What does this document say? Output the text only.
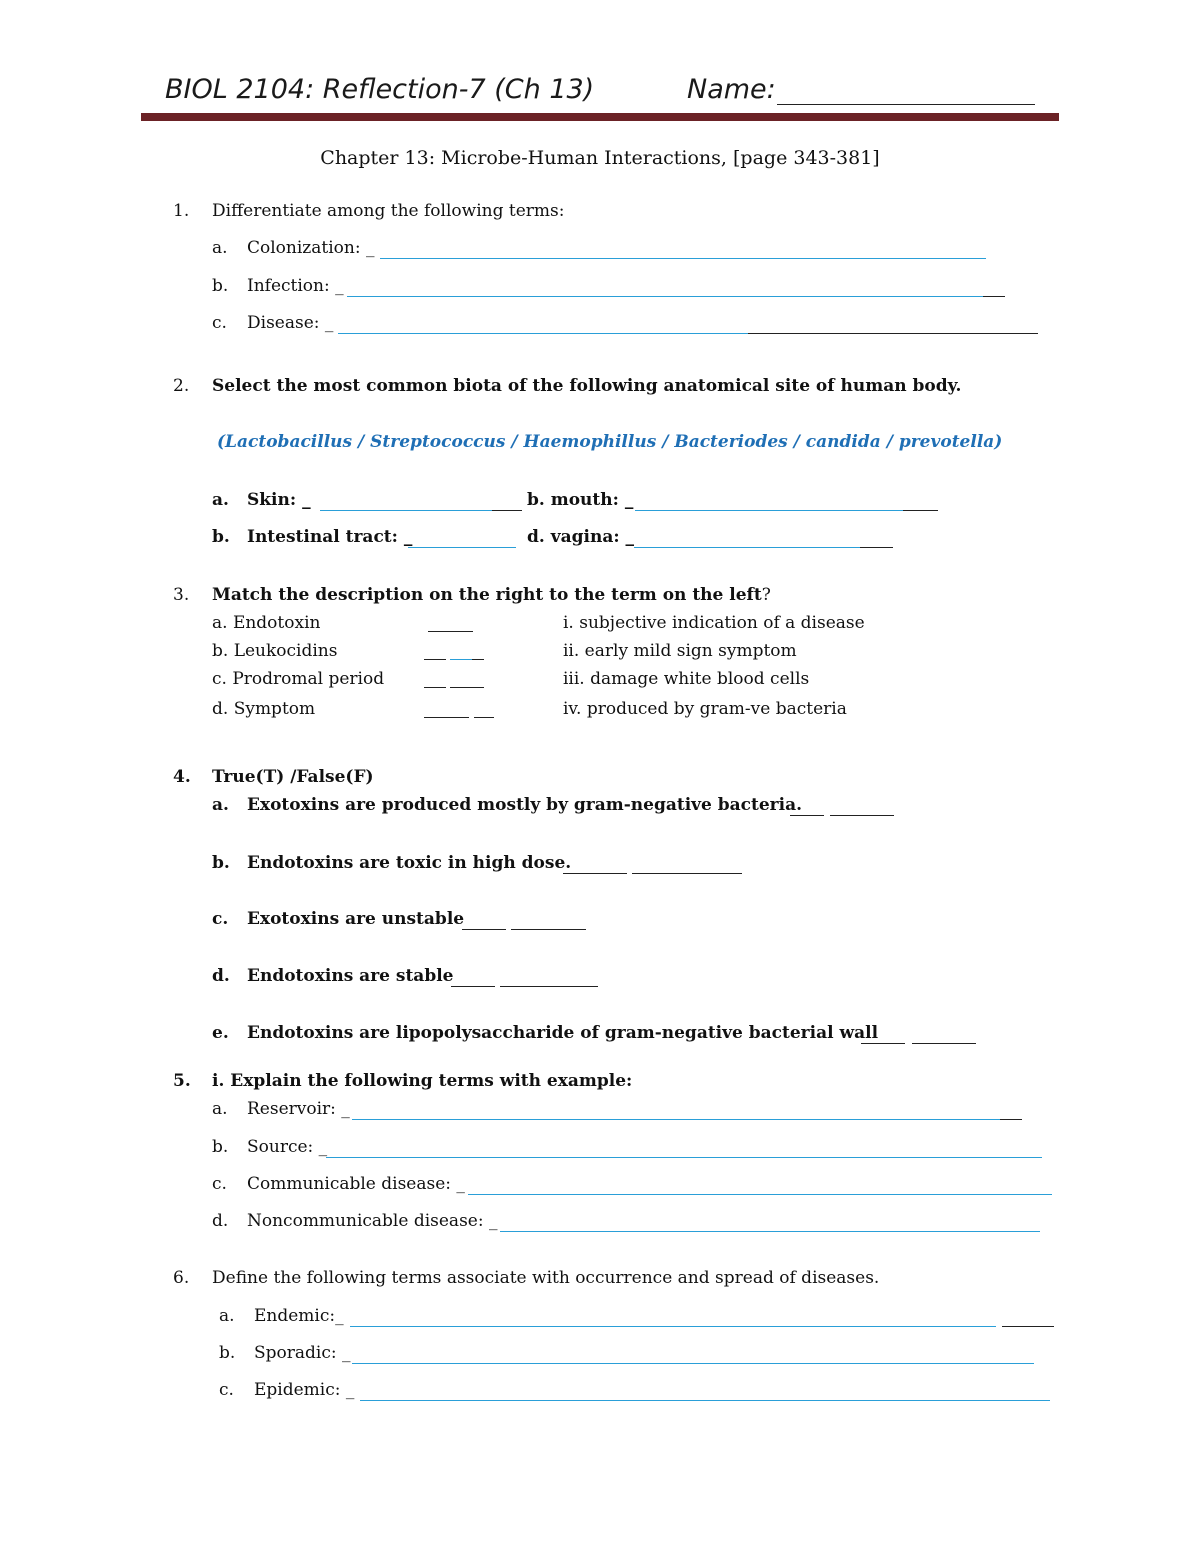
BIOL 2104: Reflection-7 (Ch 13)	Name:
Chapter 13: Microbe-Human Interactions, [page 343-381]
1. Differentiate among the following terms:
a. Colonization: _
b. Infection: _
c. Disease: _
2. Select the most common biota of the following anatomical site of human body.
(Lactobacillus / Streptococcus / Haemophillus / Bacteriodes / candida / prevotella)
a. Skin: _	b. mouth: _
b. Intestinal tract: _	d. vagina: _
3. Match the description on the right to the term on the left?
a. Endotoxin	i. subjective indication of a disease
b. Leukocidins	ii. early mild sign symptom
c. Prodromal period	iii. damage white blood cells
d. Symptom	iv. produced by gram-ve bacteria
4. True(T) /False(F)
a. Exotoxins are produced mostly by gram-negative bacteria.
b. Endotoxins are toxic in high dose.
c. Exotoxins are unstable
d. Endotoxins are stable
e. Endotoxins are lipopolysaccharide of gram-negative bacterial wall
5. i. Explain the following terms with example:
a. Reservoir: _
b. Source: _
c. Communicable disease: _
d. Noncommunicable disease: _
6. Define the following terms associate with occurrence and spread of diseases.
a. Endemic:_
b. Sporadic: _
c. Epidemic: _
